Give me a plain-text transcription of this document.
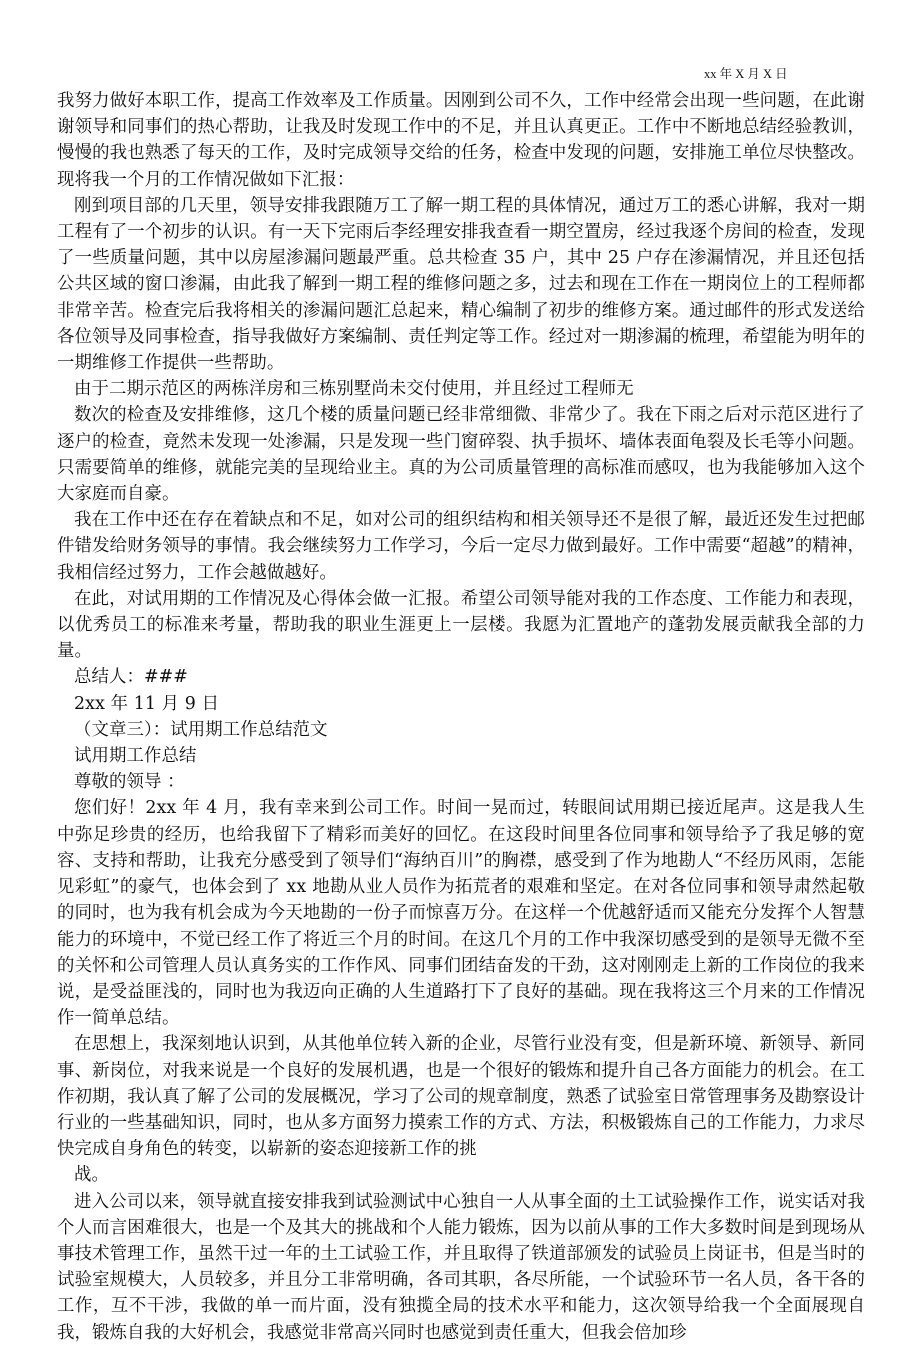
xx 年 X 月 X 日

我努力做好本职工作，提高工作效率及工作质量。因刚到公司不久，工作中经常会出现一些问题，在此谢谢领导和同事们的热心帮助，让我及时发现工作中的不足，并且认真更正。工作中不断地总结经验教训，慢慢的我也熟悉了每天的工作，及时完成领导交给的任务，检查中发现的问题，安排施工单位尽快整改。现将我一个月的工作情况做如下汇报：

刚到项目部的几天里，领导安排我跟随万工了解一期工程的具体情况，通过万工的悉心讲解，我对一期工程有了一个初步的认识。有一天下完雨后李经理安排我查看一期空置房，经过我逐个房间的检查，发现了一些质量问题，其中以房屋渗漏问题最严重。总共检查 35 户，其中 25 户存在渗漏情况，并且还包括公共区域的窗口渗漏，由此我了解到一期工程的维修问题之多，过去和现在工作在一期岗位上的工程师都非常辛苦。检查完后我将相关的渗漏问题汇总起来，精心编制了初步的维修方案。通过邮件的形式发送给各位领导及同事检查，指导我做好方案编制、责任判定等工作。经过对一期渗漏的梳理，希望能为明年的一期维修工作提供一些帮助。

由于二期示范区的两栋洋房和三栋别墅尚未交付使用，并且经过工程师无

数次的检查及安排维修，这几个楼的质量问题已经非常细微、非常少了。我在下雨之后对示范区进行了逐户的检查，竟然未发现一处渗漏，只是发现一些门窗碎裂、执手损坏、墙体表面龟裂及长毛等小问题。只需要简单的维修，就能完美的呈现给业主。真的为公司质量管理的高标准而感叹，也为我能够加入这个大家庭而自豪。

我在工作中还在存在着缺点和不足，如对公司的组织结构和相关领导还不是很了解，最近还发生过把邮件错发给财务领导的事情。我会继续努力工作学习，今后一定尽力做到最好。工作中需要“超越”的精神，我相信经过努力，工作会越做越好。

在此，对试用期的工作情况及心得体会做一汇报。希望公司领导能对我的工作态度、工作能力和表现，以优秀员工的标准来考量，帮助我的职业生涯更上一层楼。我愿为汇置地产的蓬勃发展贡献我全部的力量。

总结人：###

2xx 年 11 月 9 日

（文章三）：试用期工作总结范文

试用期工作总结

尊敬的领导 ：

您们好！2xx 年 4 月，我有幸来到公司工作。时间一晃而过，转眼间试用期已接近尾声。这是我人生中弥足珍贵的经历，也给我留下了精彩而美好的回忆。在这段时间里各位同事和领导给予了我足够的宽容、支持和帮助，让我充分感受到了领导们“海纳百川”的胸襟，感受到了作为地勘人“不经历风雨，怎能见彩虹”的豪气，也体会到了 xx 地勘从业人员作为拓荒者的艰难和坚定。在对各位同事和领导肃然起敬的同时，也为我有机会成为今天地勘的一份子而惊喜万分。在这样一个优越舒适而又能充分发挥个人智慧能力的环境中，不觉已经工作了将近三个月的时间。在这几个月的工作中我深切感受到的是领导无微不至的关怀和公司管理人员认真务实的工作作风、同事们团结奋发的干劲，这对刚刚走上新的工作岗位的我来说，是受益匪浅的，同时也为我迈向正确的人生道路打下了良好的基础。现在我将这三个月来的工作情况作一简单总结。

在思想上，我深刻地认识到，从其他单位转入新的企业，尽管行业没有变，但是新环境、新领导、新同事、新岗位，对我来说是一个良好的发展机遇，也是一个很好的锻炼和提升自己各方面能力的机会。在工作初期，我认真了解了公司的发展概况，学习了公司的规章制度，熟悉了试验室日常管理事务及勘察设计行业的一些基础知识，同时，也从多方面努力摸索工作的方式、方法，积极锻炼自己的工作能力，力求尽快完成自身角色的转变，以崭新的姿态迎接新工作的挑

战。

进入公司以来，领导就直接安排我到试验测试中心独自一人从事全面的土工试验操作工作，说实话对我个人而言困难很大，也是一个及其大的挑战和个人能力锻炼，因为以前从事的工作大多数时间是到现场从事技术管理工作，虽然干过一年的土工试验工作，并且取得了铁道部颁发的试验员上岗证书，但是当时的试验室规模大，人员较多，并且分工非常明确，各司其职，各尽所能，一个试验环节一名人员，各干各的工作，互不干涉，我做的单一而片面，没有独揽全局的技术水平和能力，这次领导给我一个全面展现自我，锻炼自我的大好机会，我感觉非常高兴同时也感觉到责任重大，但我会倍加珍
